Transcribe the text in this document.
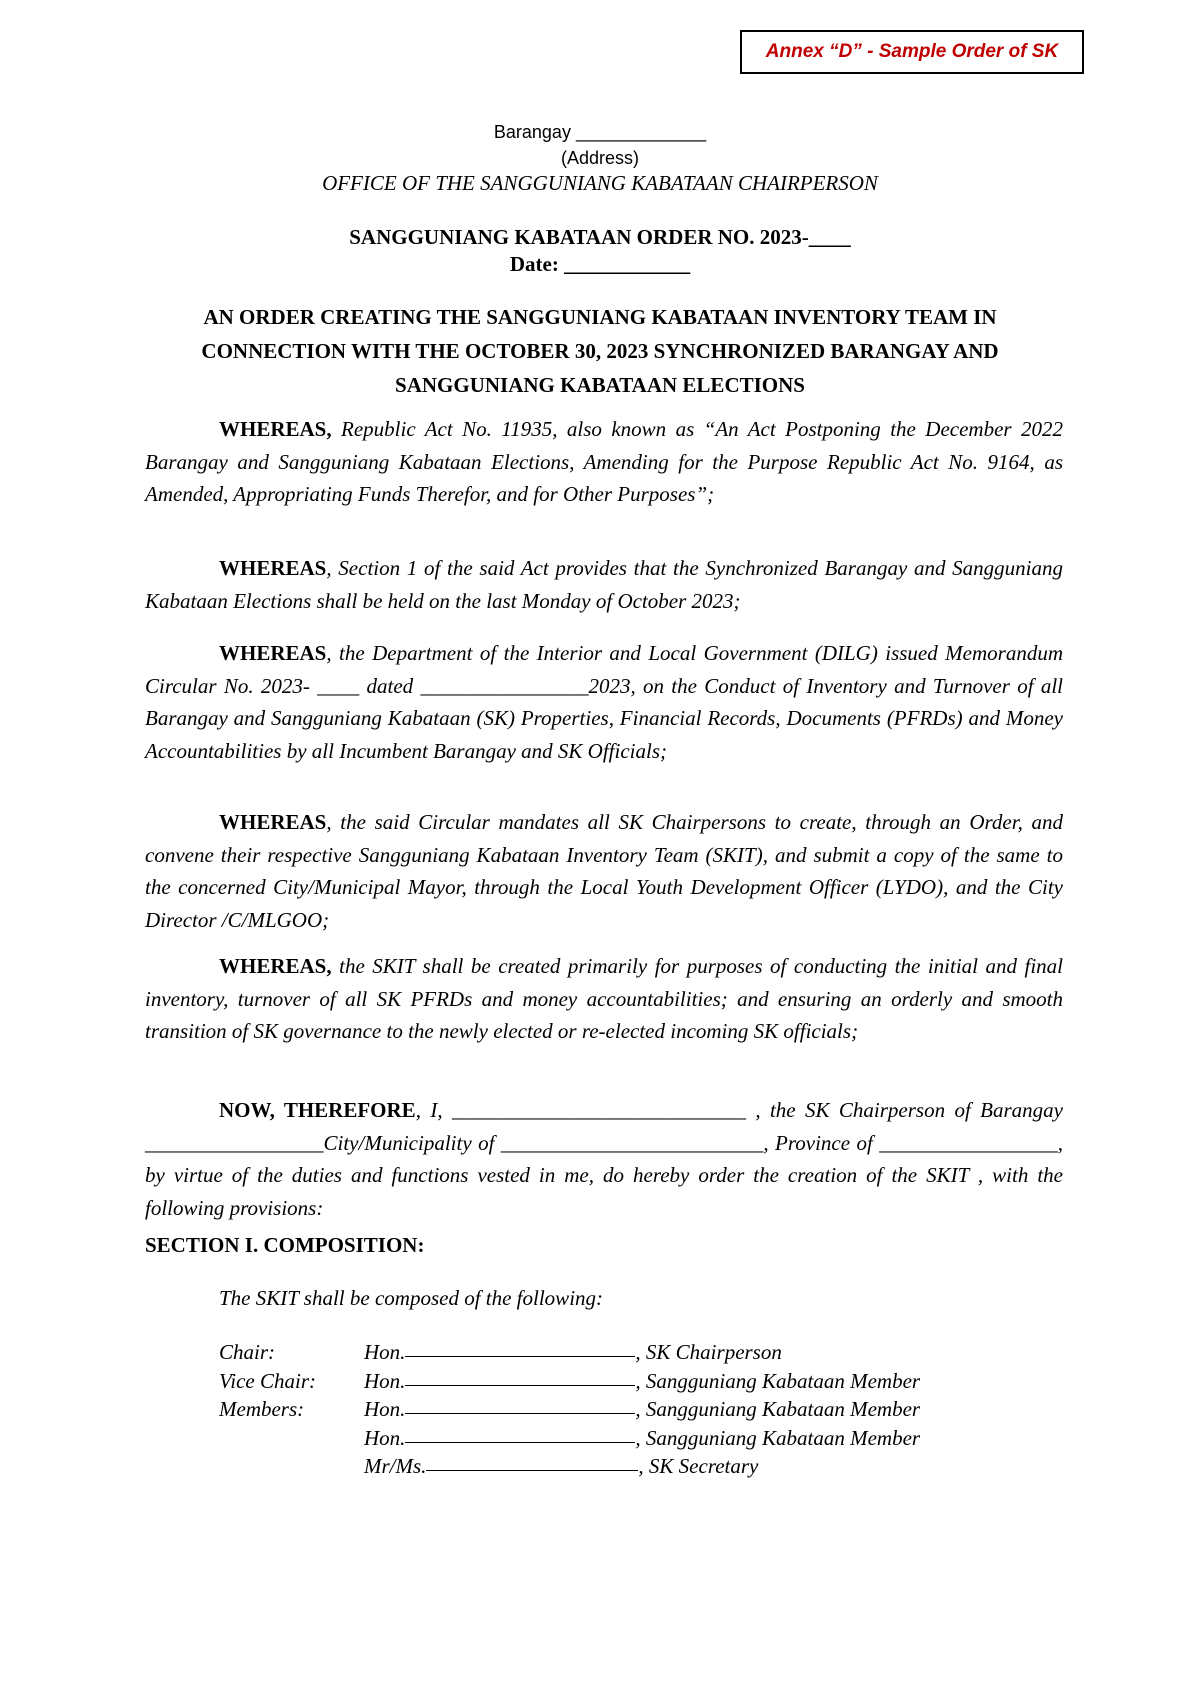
Annex “D” - Sample Order of SK
Barangay _____________
(Address)
OFFICE OF THE SANGGUNIANG KABATAAN CHAIRPERSON
SANGGUNIANG KABATAAN ORDER NO. 2023-____
Date: ____________
AN ORDER CREATING THE SANGGUNIANG KABATAAN INVENTORY TEAM IN CONNECTION WITH THE OCTOBER 30, 2023 SYNCHRONIZED BARANGAY AND SANGGUNIANG KABATAAN ELECTIONS
WHEREAS, Republic Act No. 11935, also known as “An Act Postponing the December 2022 Barangay and Sangguniang Kabataan Elections, Amending for the Purpose Republic Act No. 9164, as Amended, Appropriating Funds Therefor, and for Other Purposes”;
WHEREAS, Section 1 of the said Act provides that the Synchronized Barangay and Sangguniang Kabataan Elections shall be held on the last Monday of October 2023;
WHEREAS, the Department of the Interior and Local Government (DILG) issued Memorandum Circular No. 2023- ____ dated ________________2023, on the Conduct of Inventory and Turnover of all Barangay and Sangguniang Kabataan (SK) Properties, Financial Records, Documents (PFRDs) and Money Accountabilities by all Incumbent Barangay and SK Officials;
WHEREAS, the said Circular mandates all SK Chairpersons to create, through an Order, and convene their respective Sangguniang Kabataan Inventory Team (SKIT), and submit a copy of the same to the concerned City/Municipal Mayor, through the Local Youth Development Officer (LYDO), and the City Director /C/MLGOO;
WHEREAS, the SKIT shall be created primarily for purposes of conducting the initial and final inventory, turnover of all SK PFRDs and money accountabilities; and ensuring an orderly and smooth transition of SK governance to the newly elected or re-elected incoming SK officials;
NOW, THEREFORE, I, ____________________________ , the SK Chairperson of Barangay _________________City/Municipality of _________________________, Province of _________________, by virtue of the duties and functions vested in me, do hereby order the creation of the SKIT , with the following provisions:
SECTION I. COMPOSITION:
The SKIT shall be composed of the following:
Chair:	Hon.	, SK Chairperson
Vice Chair:	Hon.	, Sangguniang Kabataan Member
Members:	Hon.	, Sangguniang Kabataan Member
Hon.	, Sangguniang Kabataan Member
Mr/Ms.	, SK Secretary
